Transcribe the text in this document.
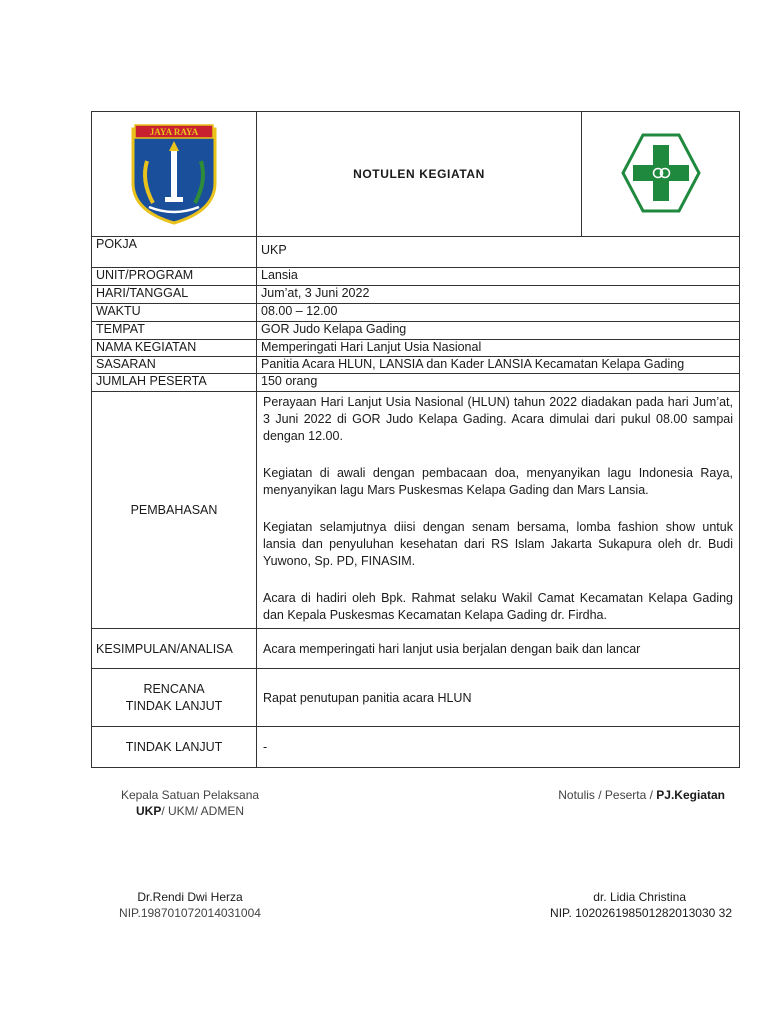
JAYA RAYA	NOTULEN KEGIATAN	
POKJA	UKP	
UNIT/PROGRAM	Lansia	
HARI/TANGGAL	Jum’at, 3 Juni 2022	
WAKTU	08.00 – 12.00	
TEMPAT	GOR Judo Kelapa Gading	
NAMA KEGIATAN	Memperingati Hari Lanjut Usia Nasional	
SASARAN	Panitia Acara HLUN, LANSIA dan Kader LANSIA Kecamatan Kelapa Gading	
JUMLAH PESERTA	150 orang	
PEMBAHASAN	Perayaan Hari Lanjut Usia Nasional (HLUN) tahun 2022 diadakan pada hari Jum’at, 3 Juni 2022 di GOR Judo Kelapa Gading. Acara dimulai dari pukul 08.00 sampai dengan 12.00.

Kegiatan di awali dengan pembacaan doa, menyanyikan lagu Indonesia Raya, menyanyikan lagu Mars Puskesmas Kelapa Gading dan Mars Lansia.

Kegiatan selamjutnya diisi dengan senam bersama, lomba fashion show untuk lansia dan penyuluhan kesehatan dari RS Islam Jakarta Sukapura oleh dr. Budi Yuwono, Sp. PD, FINASIM.

Acara di hadiri oleh Bpk. Rahmat selaku Wakil Camat Kecamatan Kelapa Gading dan Kepala Puskesmas Kecamatan Kelapa Gading dr. Firdha.	

KESIMPULAN/ANALISA	Acara memperingati hari lanjut usia berjalan dengan baik dan lancar	

RENCANA
TINDAK LANJUT	Rapat penutupan panitia acara HLUN	
TINDAK LANJUT	-	
Kepala Satuan Pelaksana
UKP/ UKM/ ADMEN
Dr.Rendi Dwi Herza
NIP.198701072014031004
Notulis / Peserta / PJ.Kegiatan
dr. Lidia Christina
NIP. 102026198501282013030 32
